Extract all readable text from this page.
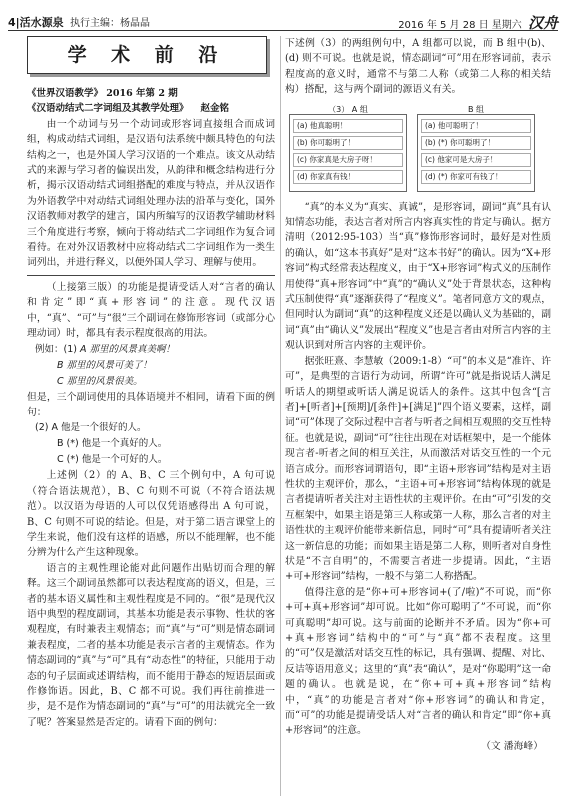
4|活水源泉 执行主编：杨晶晶	2016 年 5 月 28 日 星期六 汉舟
学 术 前 沿

《世界汉语教学》 2016 年第 2 期

《汉语动结式二字词组及其教学处理》 赵金铭

由一个动词与另一个动词或形容词直接组合而成词组，构成动结式词组，是汉语句法系统中颇具特色的句法结构之一，也是外国人学习汉语的一个难点。该文从动结式的来源与学习者的偏误出发，从韵律和概念结构进行分析，揭示汉语动结式词组搭配的难度与特点，并从汉语作为外语教学中对动结式词组处理办法的沿革与变化，国外汉语教师对教学的建言，国内所编写的汉语教学辅助材料三个角度进行考察，倾向于将动结式二字词组作为复合词看待。在对外汉语教材中应将动结式二字词组作为一类生词列出，并进行释义，以便外国人学习、理解与使用。

（上接第三版）的功能是提请受话人对“言者的确认和肯定”即“真+形容词”的注意。现代汉语中，“真”、“可”与“很”三个副词在修饰形容词（或部分心理动词）时，都具有表示程度很高的用法。

例如：(1) A 那里的风景真美啊！
B 那里的风景可美了！
C 那里的风景很美。

但是，三个副词使用的具体语境并不相同，请看下面的例句：

(2) A 他是一个很好的人。
B (*) 他是一个真好的人。
C (*) 他是一个可好的人。

上述例（2）的 A、B、C 三个例句中，A 句可说（符合语法规范），B、C 句则不可说（不符合语法规范）。以汉语为母语的人可以仅凭语感得出 A 句可说，B、C 句则不可说的结论。但是，对于第二语言课堂上的学生来说，他们没有这样的语感，所以不能理解，也不能分辨为什么产生这种现象。

语言的主观性理论能对此问题作出贴切而合理的解释。这三个副词虽然都可以表达程度高的语义，但是，三者的基本语义属性和主观性程度是不同的。“很”是现代汉语中典型的程度副词，其基本功能是表示事物、性状的客观程度，有时兼表主观情态；而“真”与“可”则是情态副词兼表程度，二者的基本功能是表示言者的主观情态。作为情态副词的“真”与“可”具有“动态性”的特征，只能用于动态的句子层面或述谓结构，而不能用于静态的短语层面或作修饰语。因此，B、C 都不可说。我们再往前推进一步，是不是作为情态副词的“真”与“可”的用法就完全一致了呢？答案显然是否定的。请看下面的例句：

下述例（3）的两组例句中，A 组都可以说，而 B 组中(b)、(d) 则不可说。也就是说，情态副词“可”用在形容词前，表示程度高的意义时，通常不与第二人称（或第二人称的相关结构）搭配，这与两个副词的源语义有关。

（3） A 组
(a) 他真聪明！
(b) 你可聪明了！
(c) 你家真是大房子呀！
(d) 你家真有钱！
B 组
(a) 他可聪明了！
(b) (*) 你可聪明了！
(c) 他家可是大房子！
(d) (*) 你家可有钱了！

“真”的本义为“真实、真诚”，是形容词，副词“真”具有认知情态功能，表达言者对所言内容真实性的肯定与确认。据方清明（2012:95-103）当“真”修饰形容词时，最好是对性质的确认，如“这本书真好”是对“这本书好”的确认。因为“X+形容词”构式经常表达程度义，由于“X+形容词”构式义的压制作用使得“真+形容词”中“真”的“确认义”处于背景状态，这种构式压制使得“真”逐渐获得了“程度义”。笔者同意方文的观点，但同时认为副词“真”的这种程度义还是以确认义为基础的，副词“真”由“确认义”发展出“程度义”也是言者由对所言内容的主观认识到对所言内容的主观评价。

据张旺熹、李慧敏（2009:1-8）“可”的本义是“准许、许可”，是典型的言语行为动词，所谓“许可”就是指说话人满足听话人的期望或听话人满足说话人的条件。这其中包含“[言者]+[听者]+[预期]/[条件]+[满足]”四个语义要素，这样，副词“可”体现了交际过程中言者与听者之间相互观照的交互性特征。也就是说，副词“可”往往出现在对话框架中，是一个能体现言者-听者之间的相互关注，从而激活对话交互性的一个元语言成分。而形容词谓语句，即“主语+形容词”结构是对主语性状的主观评价，那么，“主语+可+形容词”结构体现的就是言者提请听者关注对主语性状的主观评价。在由“可”引发的交互框架中，如果主语是第三人称或第一人称，那么言者的对主语性状的主观评价能带来新信息，同时“可”具有提请听者关注这一新信息的功能；而如果主语是第二人称，则听者对自身性状是“不言自明”的，不需要言者进一步提请。因此，“主语+可+形容词”结构，一般不与第二人称搭配。

值得注意的是“你+可+形容词+(了/啦)”不可说，而“你+可+真+形容词”却可说。比如“你可聪明了”不可说，而“你可真聪明”却可说。这与前面的论断并不矛盾。因为“你+可+真+形容词”结构中的“可”与“真”都不表程度。这里的“可”仅是激活对话交互性的标记，具有强调、提醒、对比、反诘等语用意义；这里的“真”表“确认”，是对“你聪明”这一命题的确认。也就是说，在“你+可+真+形容词”结构中，“真”的功能是言者对“你+形容词”的确认和肯定，而“可”的功能是提请受话人对“言者的确认和肯定”即“你+真+形容词”的注意。

（文 潘海峰）
